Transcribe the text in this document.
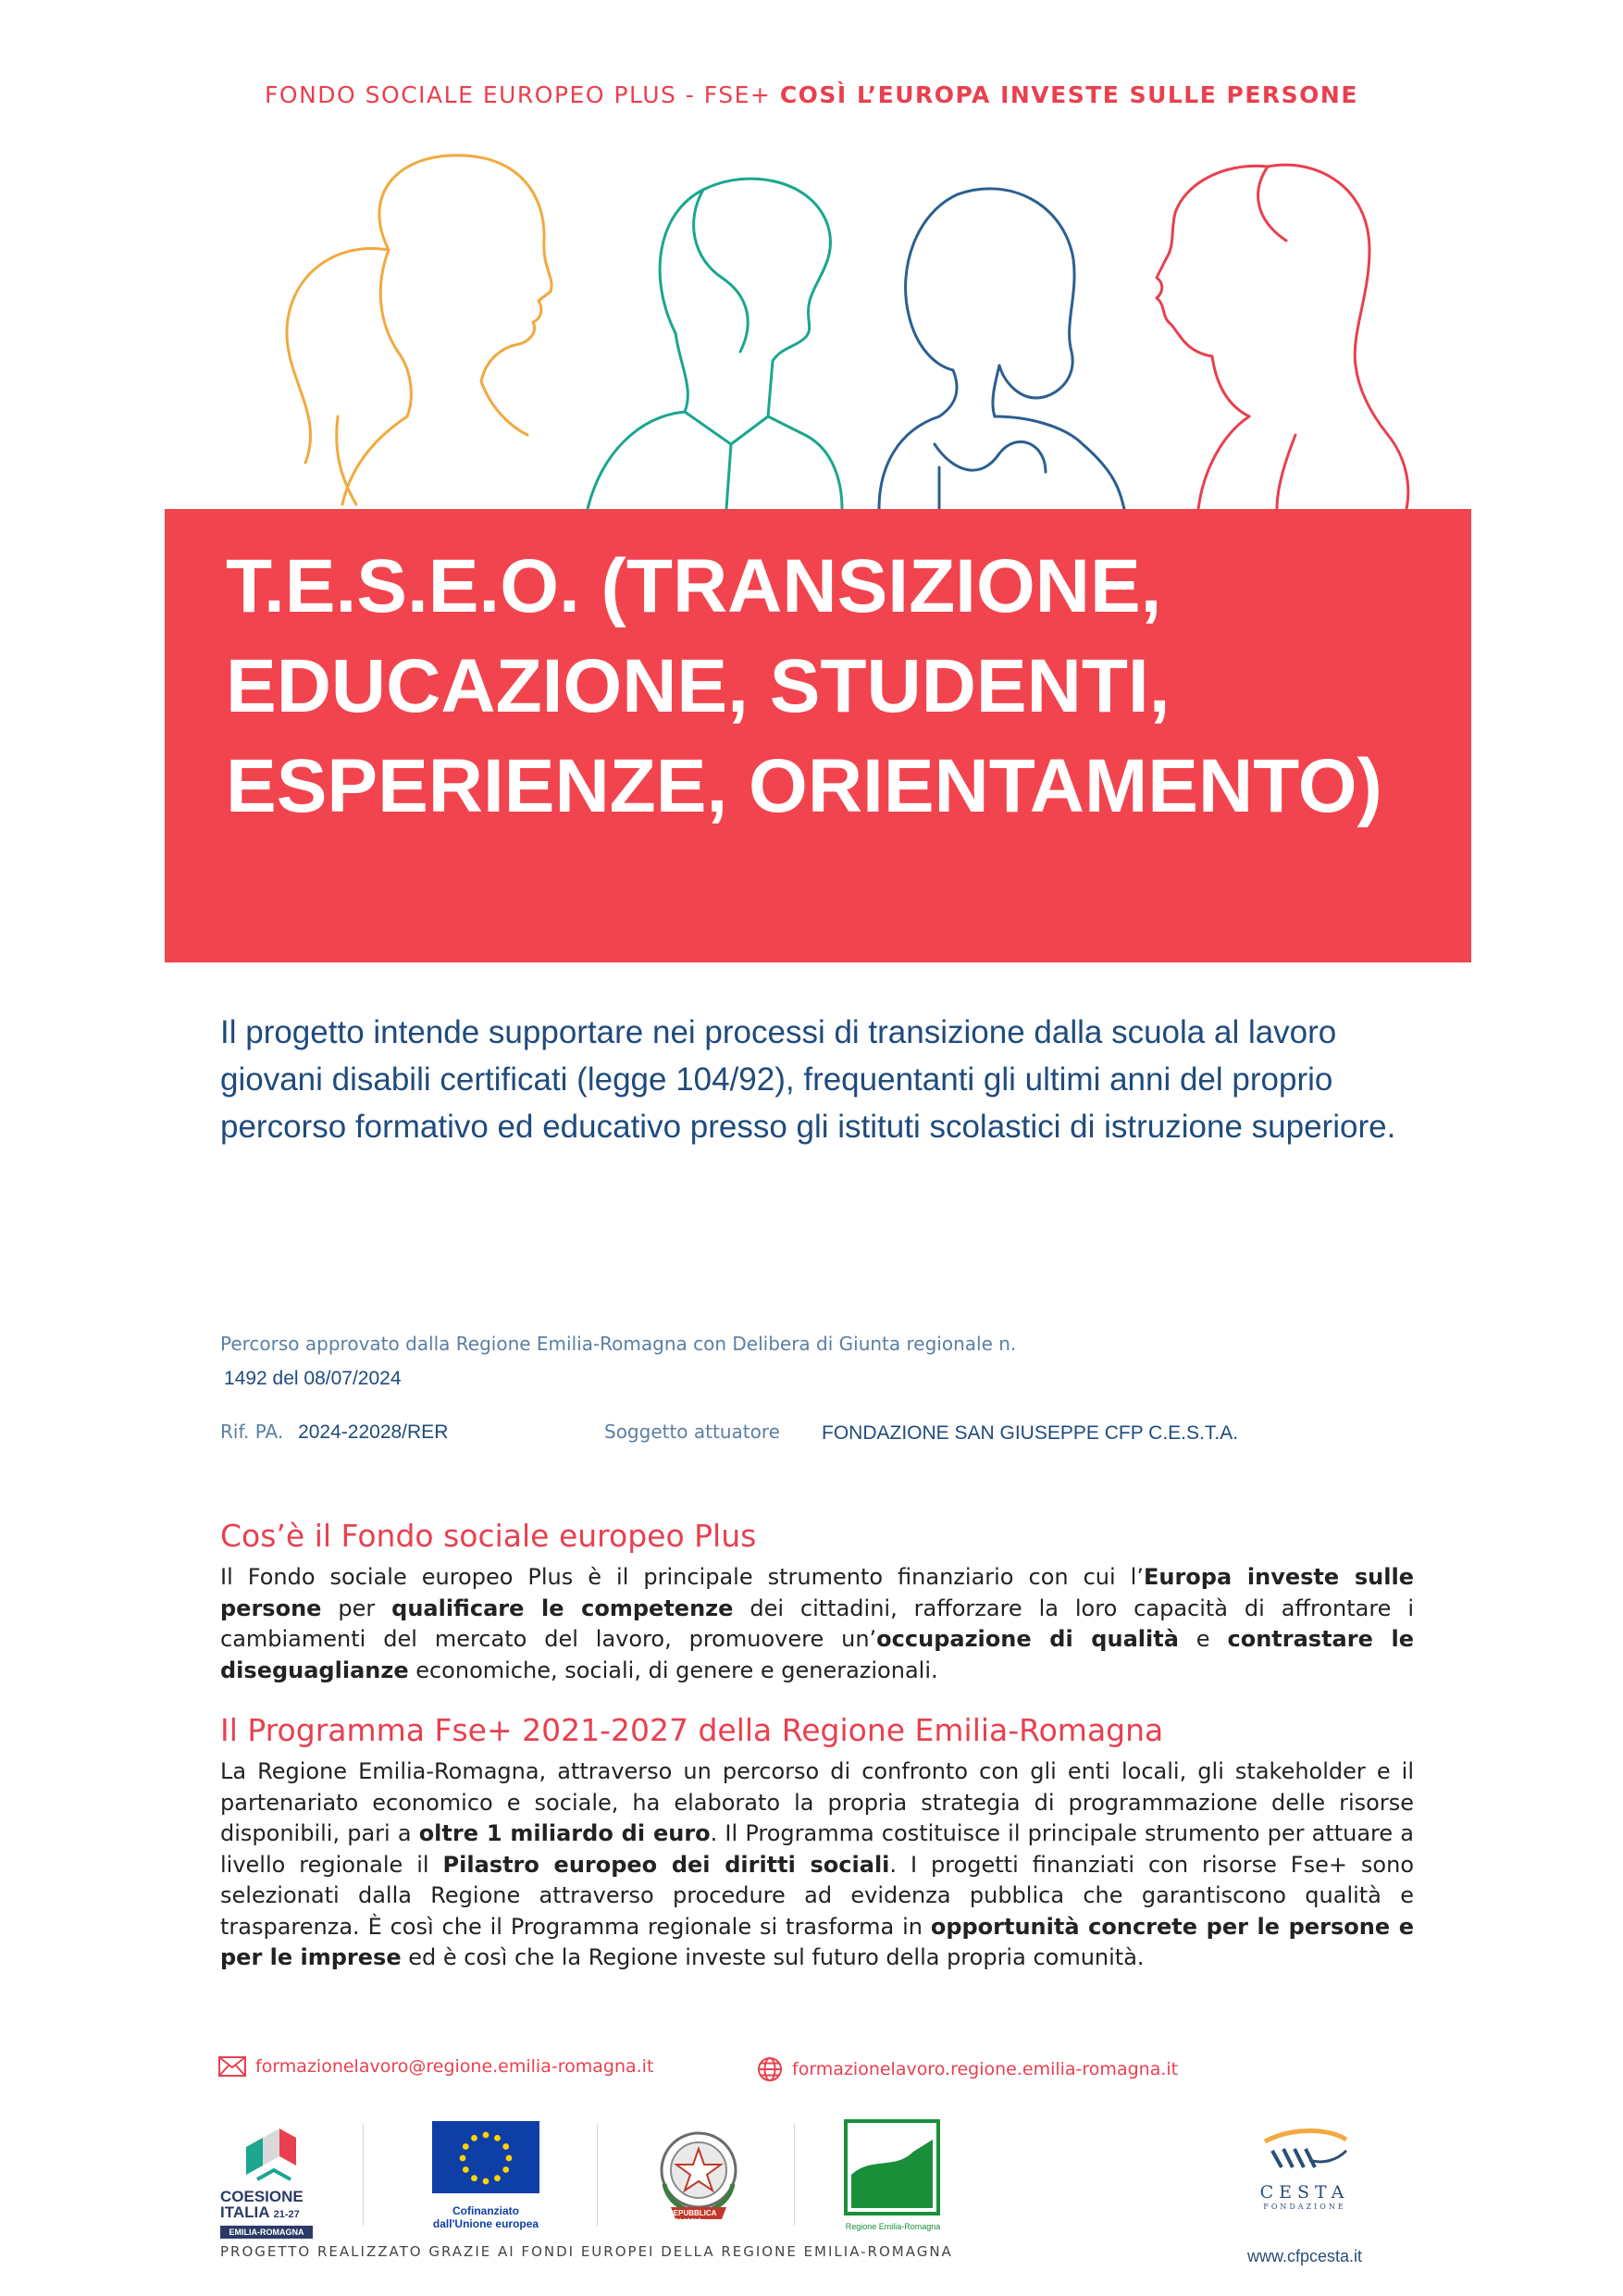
FONDO SOCIALE EUROPEO PLUS - FSE+ COSÌ L’EUROPA INVESTE SULLE PERSONE
T.E.S.E.O. (TRANSIZIONE,
EDUCAZIONE, STUDENTI,
ESPERIENZE, ORIENTAMENTO)

Il progetto intende supportare nei processi di transizione dalla scuola al lavoro giovani disabili certificati (legge 104/92), frequentanti gli ultimi anni del proprio percorso formativo ed educativo presso gli istituti scolastici di istruzione superiore.

Percorso approvato dalla Regione Emilia-Romagna con Delibera di Giunta regionale n.
1492 del 08/07/2024
Rif. PA. 2024-22028/RER	Soggetto attuatore FONDAZIONE SAN GIUSEPPE CFP C.E.S.T.A.
Cos’è il Fondo sociale europeo Plus

Il Fondo sociale europeo Plus è il principale strumento finanziario con cui l’Europa investe sulle persone per qualificare le competenze dei cittadini, rafforzare la loro capacità di affrontare i cambiamenti del mercato del lavoro, promuovere un’occupazione di qualità e contrastare le diseguaglianze economiche, sociali, di genere e generazionali.

Il Programma Fse+ 2021-2027 della Regione Emilia-Romagna

La Regione Emilia-Romagna, attraverso un percorso di confronto con gli enti locali, gli stakeholder e il partenariato economico e sociale, ha elaborato la propria strategia di programmazione delle risorse disponibili, pari a oltre 1 miliardo di euro. Il Programma costituisce il principale strumento per attuare a livello regionale il Pilastro europeo dei diritti sociali. I progetti finanziati con risorse Fse+ sono selezionati dalla Regione attraverso procedure ad evidenza pubblica che garantiscono qualità e trasparenza. È così che il Programma regionale si trasforma in opportunità concrete per le persone e per le imprese ed è così che la Regione investe sul futuro della propria comunità.

formazionelavoro@regione.emilia-romagna.it	formazionelavoro.regione.emilia-romagna.it
COESIONE
ITALIA 21-27
EMILIA-ROMAGNA
Cofinanziato
dall'Unione europea
REPUBBLICA ITALIANA
Regione Emilia-Romagna
CESTA
FONDAZIONE
PROGETTO REALIZZATO GRAZIE AI FONDI EUROPEI DELLA REGIONE EMILIA-ROMAGNA	www.cfpcesta.it
